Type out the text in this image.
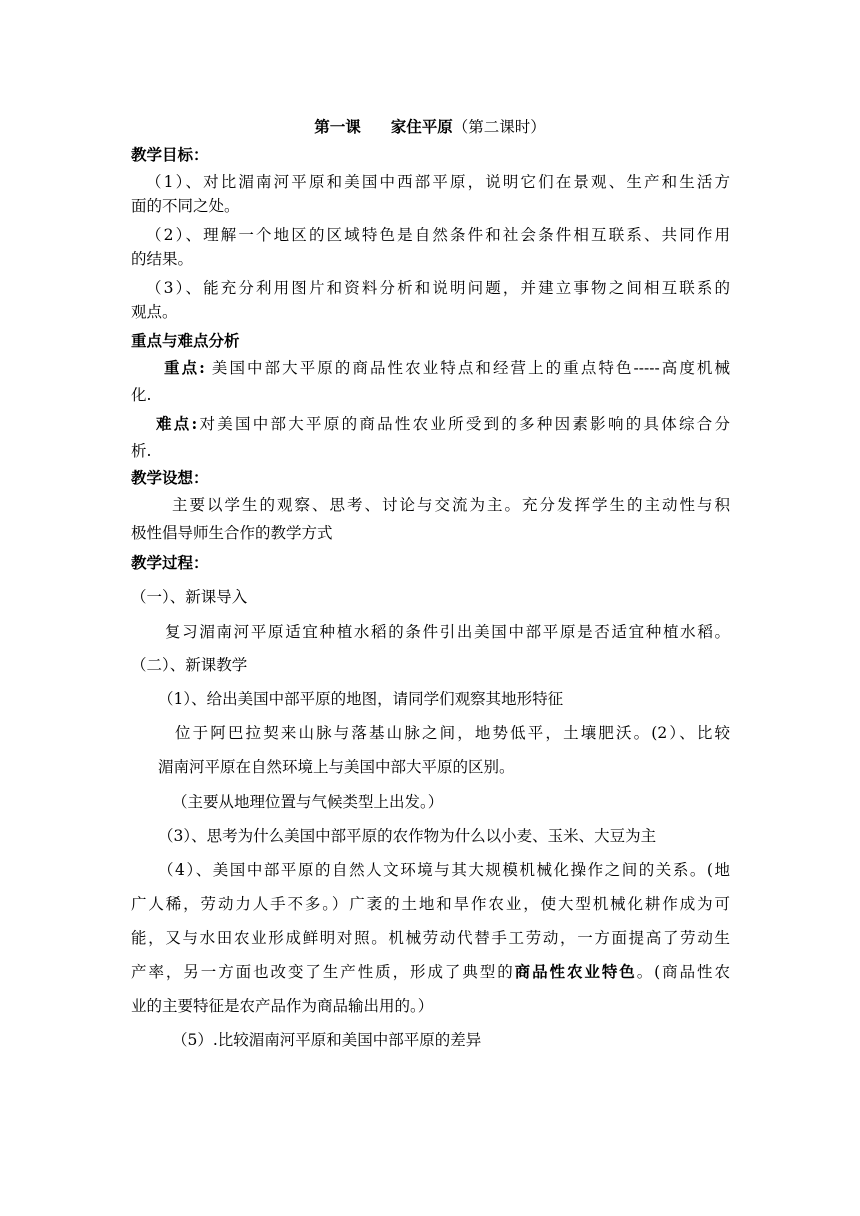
第一课 家住平原（第二课时）
教学目标：
（1）、对比湄南河平原和美国中西部平原，说明它们在景观、生产和生活方
面的不同之处。
（2）、理解一个地区的区域特色是自然条件和社会条件相互联系、共同作用
的结果。
（3）、能充分利用图片和资料分析和说明问题，并建立事物之间相互联系的
观点。
重点与难点分析
重点: 美国中部大平原的商品性农业特点和经营上的重点特色-----高度机械
化.
难点:对美国中部大平原的商品性农业所受到的多种因素影响的具体综合分
析.
教学设想：
主要以学生的观察、思考、讨论与交流为主。充分发挥学生的主动性与积
极性倡导师生合作的教学方式
教学过程：
（一）、新课导入
复习湄南河平原适宜种植水稻的条件引出美国中部平原是否适宜种植水稻。
（二）、新课教学
（1）、给出美国中部平原的地图，请同学们观察其地形特征
位于阿巴拉契来山脉与落基山脉之间，地势低平，土壤肥沃。(2）、比较
湄南河平原在自然环境上与美国中部大平原的区别。
（主要从地理位置与气候类型上出发。）
（3）、思考为什么美国中部平原的农作物为什么以小麦、玉米、大豆为主
（4）、美国中部平原的自然人文环境与其大规模机械化操作之间的关系。(地
广人稀，劳动力人手不多。）广袤的土地和旱作农业，使大型机械化耕作成为可
能，又与水田农业形成鲜明对照。机械劳动代替手工劳动，一方面提高了劳动生
产率，另一方面也改变了生产性质，形成了典型的商品性农业特色。(商品性农
业的主要特征是农产品作为商品输出用的。）
（5）.比较湄南河平原和美国中部平原的差异
